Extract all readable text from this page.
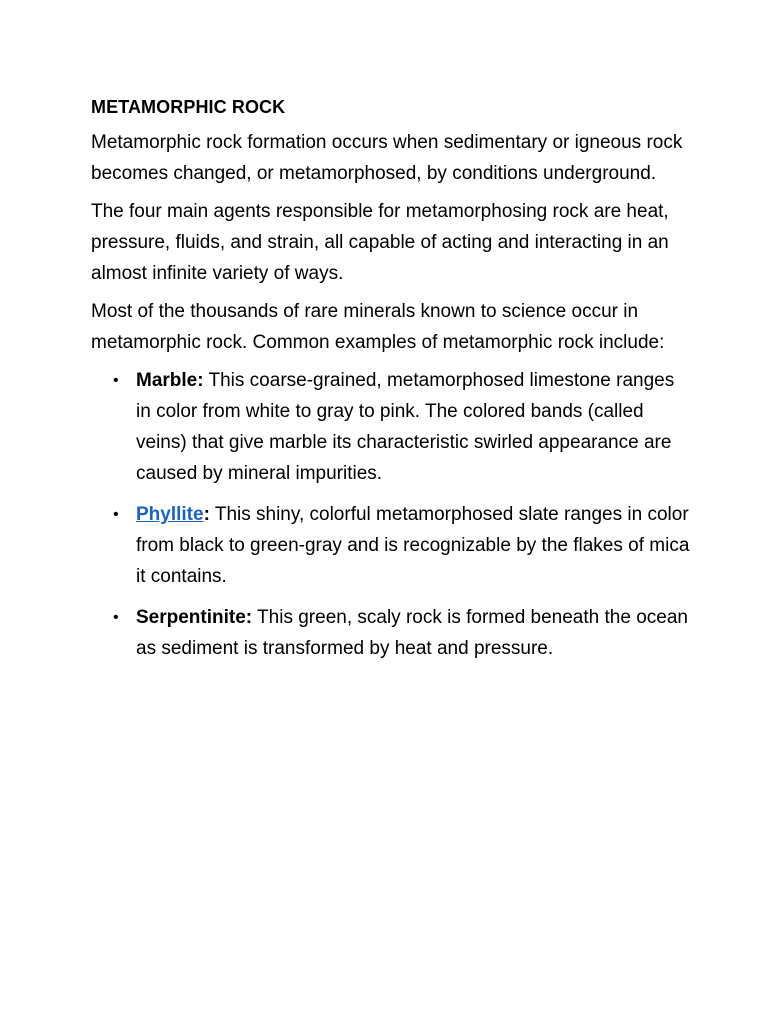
METAMORPHIC ROCK

Metamorphic rock formation occurs when sedimentary or igneous rock becomes changed, or metamorphosed, by conditions underground.

The four main agents responsible for metamorphosing rock are heat, pressure, fluids, and strain, all capable of acting and interacting in an almost infinite variety of ways.

Most of the thousands of rare minerals known to science occur in metamorphic rock. Common examples of metamorphic rock include:

• Marble: This coarse-grained, metamorphosed limestone ranges in color from white to gray to pink. The colored bands (called veins) that give marble its characteristic swirled appearance are caused by mineral impurities.
• Phyllite: This shiny, colorful metamorphosed slate ranges in color from black to green-gray and is recognizable by the flakes of mica it contains.
• Serpentinite: This green, scaly rock is formed beneath the ocean as sediment is transformed by heat and pressure.
